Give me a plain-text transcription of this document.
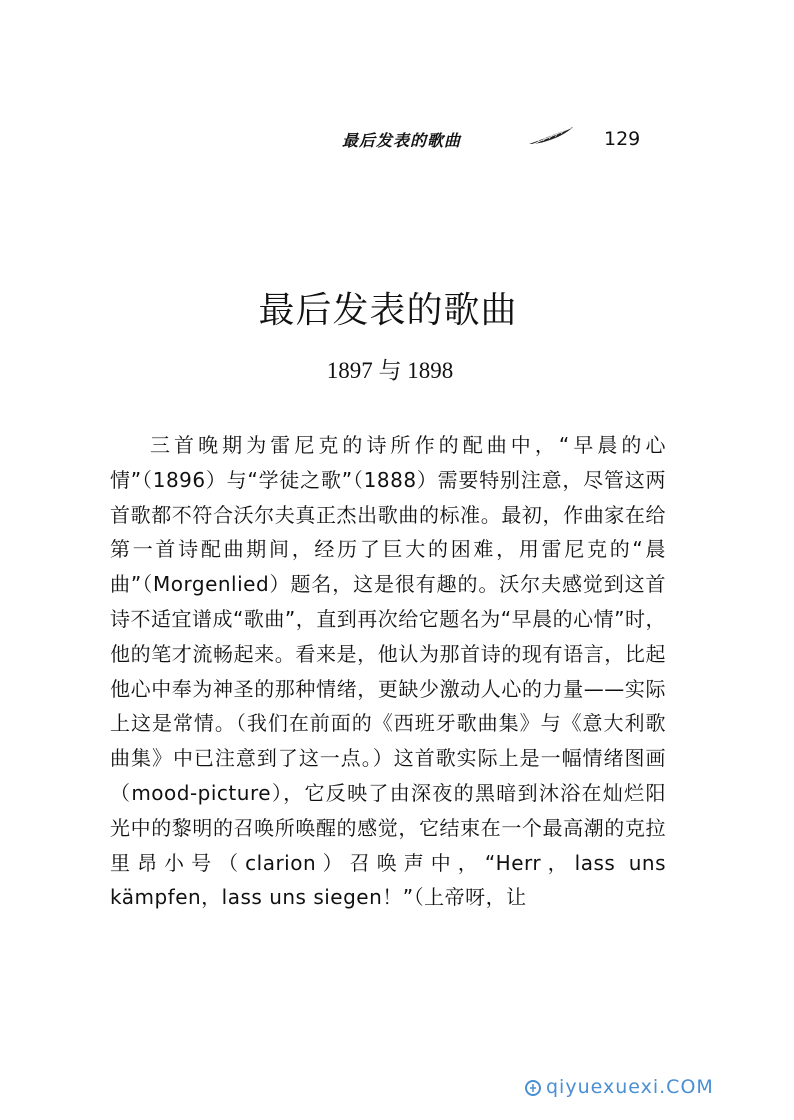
最后发表的歌曲	129
最后发表的歌曲
1897 与 1898

三首晚期为雷尼克的诗所作的配曲中，“早晨的心情”（1896）与“学徒之歌”（1888）需要特别注意，尽管这两首歌都不符合沃尔夫真正杰出歌曲的标准。最初，作曲家在给第一首诗配曲期间，经历了巨大的困难，用雷尼克的“晨曲”（Morgenlied）题名，这是很有趣的。沃尔夫感觉到这首诗不适宜谱成“歌曲”，直到再次给它题名为“早晨的心情”时，他的笔才流畅起来。看来是，他认为那首诗的现有语言，比起他心中奉为神圣的那种情绪，更缺少激动人心的力量——实际上这是常情。（我们在前面的《西班牙歌曲集》与《意大利歌曲集》中已注意到了这一点。）这首歌实际上是一幅情绪图画（mood-picture），它反映了由深夜的黑暗到沐浴在灿烂阳光中的黎明的召唤所唤醒的感觉，它结束在一个最高潮的克拉里昂小号（clarion）召唤声中，“Herr，lass uns kämpfen，lass uns siegen！”（上帝呀，让

qiyuexuexi.COM
